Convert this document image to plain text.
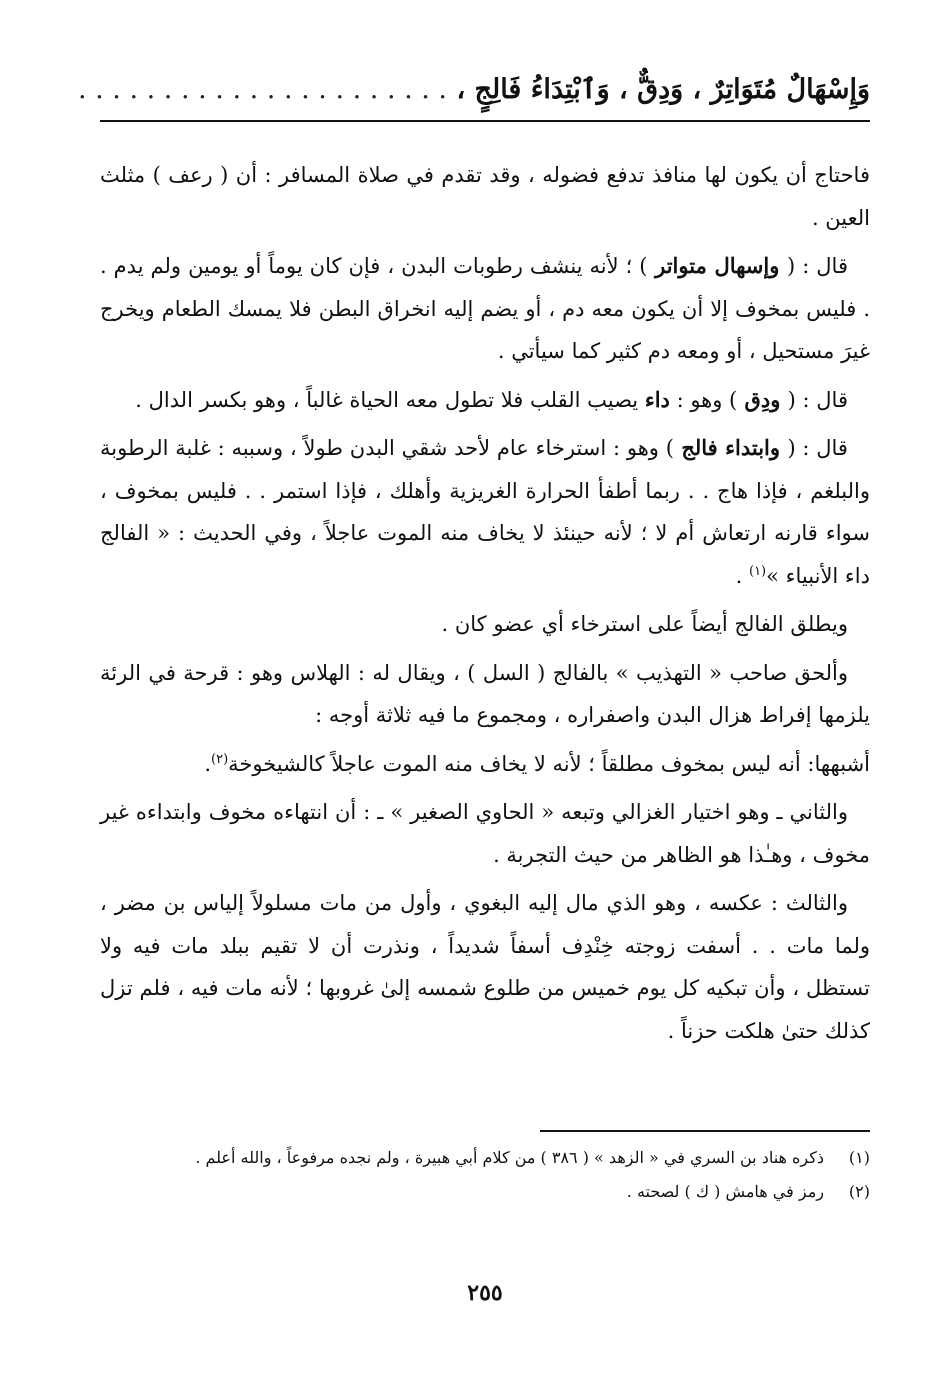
وَإِسْهَالٌ مُتَوَاتِرٌ ، وَدِقٌّ ، وَٱبْتِدَاءُ فَالِجٍ ، . . . . . . . . . . . . . . . . . . . . . .

فاحتاج أن يكون لها منافذ تدفع فضوله ، وقد تقدم في صلاة المسافر : أن ( رعف ) مثلث العين .

قال : ( وإسهال متواتر ) ؛ لأنه ينشف رطوبات البدن ، فإن كان يوماً أو يومين ولم يدم . . فليس بمخوف إلا أن يكون معه دم ، أو يضم إليه انخراق البطن فلا يمسك الطعام ويخرج غيرَ مستحيل ، أو ومعه دم كثير كما سيأتي .

قال : ( ودِق ) وهو : داء يصيب القلب فلا تطول معه الحياة غالباً ، وهو بكسر الدال .

قال : ( وابتداء فالج ) وهو : استرخاء عام لأحد شقي البدن طولاً ، وسببه : غلبة الرطوبة والبلغم ، فإذا هاج . . ربما أطفأ الحرارة الغريزية وأهلك ، فإذا استمر . . فليس بمخوف ، سواء قارنه ارتعاش أم لا ؛ لأنه حينئذ لا يخاف منه الموت عاجلاً ، وفي الحديث : « الفالج داء الأنبياء »$^{(١)}$ .

ويطلق الفالج أيضاً على استرخاء أي عضو كان .

وألحق صاحب « التهذيب » بالفالج ( السل ) ، ويقال له : الهلاس وهو : قرحة في الرئة يلزمها إفراط هزال البدن واصفراره ، ومجموع ما فيه ثلاثة أوجه :

أشبهها: أنه ليس بمخوف مطلقاً ؛ لأنه لا يخاف منه الموت عاجلاً كالشيخوخة$^{(٢)}$.

والثاني ـ وهو اختيار الغزالي وتبعه « الحاوي الصغير » ـ : أن انتهاءه مخوف وابتداءه غير مخوف ، وهـٰذا هو الظاهر من حيث التجربة .

والثالث : عكسه ، وهو الذي مال إليه البغوي ، وأول من مات مسلولاً إلياس بن مضر ، ولما مات . . أسفت زوجته خِنْدِف أسفاً شديداً ، ونذرت أن لا تقيم ببلد مات فيه ولا تستظل ، وأن تبكيه كل يوم خميس من طلوع شمسه إلىٰ غروبها ؛ لأنه مات فيه ، فلم تزل كذلك حتىٰ هلكت حزناً .

(١)
ذكره هناد بن السري في « الزهد » ( ٣٨٦ ) من كلام أبي هبيرة ، ولم نجده مرفوعاً ، والله أعلم .
(٢)
رمز في هامش ( ك ) لصحته .
٢٥٥
